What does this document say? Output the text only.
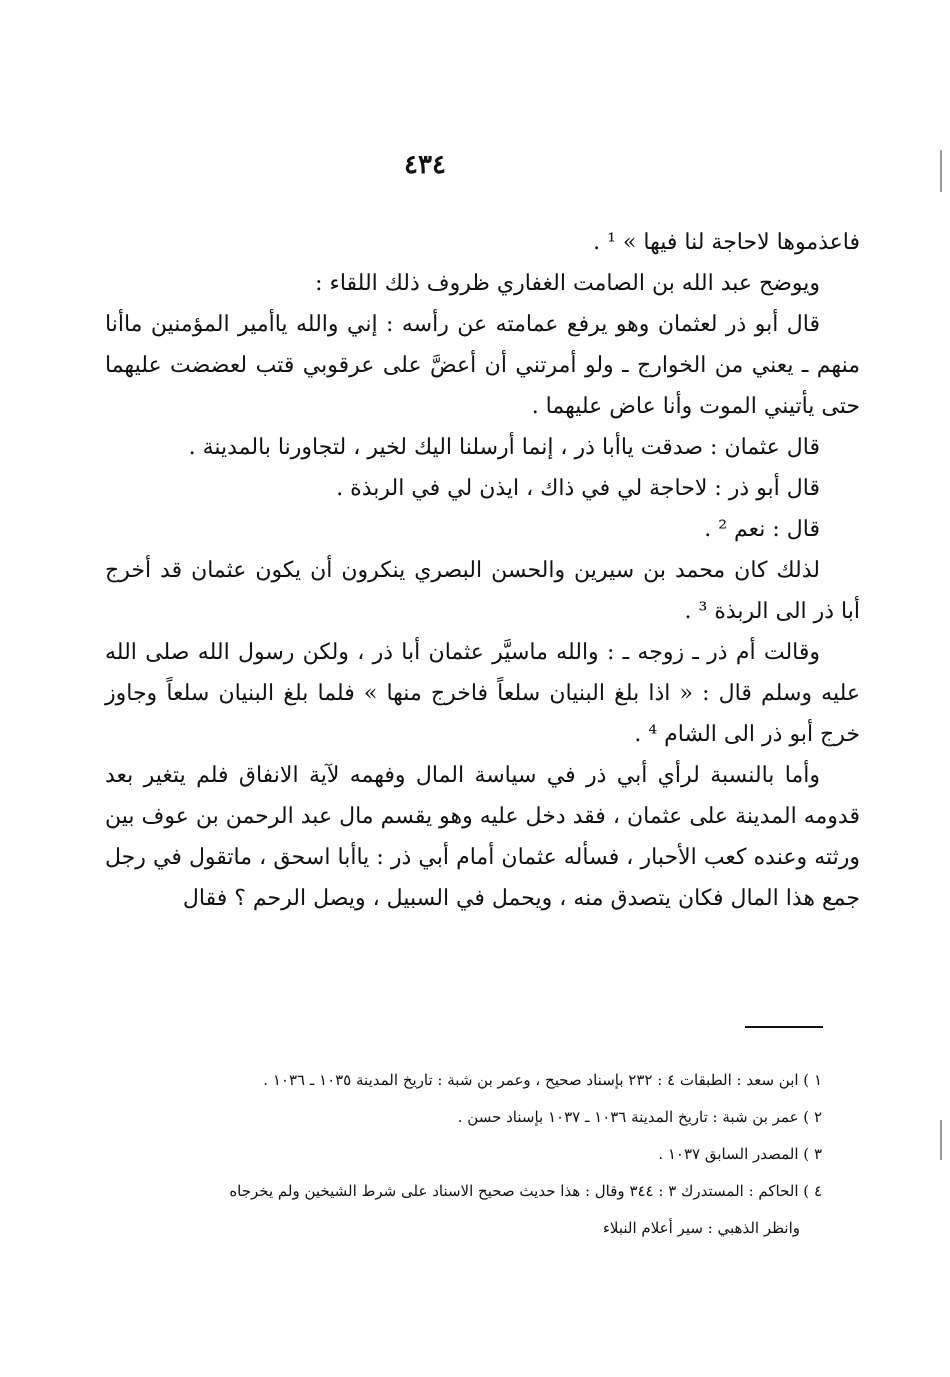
٤٣٤

فاعذموها لاحاجة لنا فيها » ¹ .

ويوضح عبد الله بن الصامت الغفاري ظروف ذلك اللقاء :

قال أبو ذر لعثمان وهو يرفع عمامته عن رأسه : إني والله ياأمير المؤمنين ماأنا منهم ـ يعني من الخوارج ـ ولو أمرتني أن أعضَّ على عرقوبي قتب لعضضت عليهما حتى يأتيني الموت وأنا عاض عليهما .

قال عثمان : صدقت ياأبا ذر ، إنما أرسلنا اليك لخير ، لتجاورنا بالمدينة .

قال أبو ذر : لاحاجة لي في ذاك ، ايذن لي في الربذة .

قال : نعم ² .

لذلك كان محمد بن سيرين والحسن البصري ينكرون أن يكون عثمان قد أخرج أبا ذر الى الربذة ³ .

وقالت أم ذر ـ زوجه ـ : والله ماسيَّر عثمان أبا ذر ، ولكن رسول الله صلى الله عليه وسلم قال : « اذا بلغ البنيان سلعاً فاخرج منها » فلما بلغ البنيان سلعاً وجاوز خرج أبو ذر الى الشام ⁴ .

وأما بالنسبة لرأي أبي ذر في سياسة المال وفهمه لآية الانفاق فلم يتغير بعد قدومه المدينة على عثمان ، فقد دخل عليه وهو يقسم مال عبد الرحمن بن عوف بين ورثته وعنده كعب الأحبار ، فسأله عثمان أمام أبي ذر : ياأبا اسحق ، ماتقول في رجل جمع هذا المال فكان يتصدق منه ، ويحمل في السبيل ، ويصل الرحم ؟ فقال

١ ) ابن سعد : الطبقات ٤ : ٢٣٢ بإسناد صحيح ، وعمر بن شبة : تاريخ المدينة ١٠٣٥ ـ ١٠٣٦ .

٢ ) عمر بن شبة : تاريخ المدينة ١٠٣٦ ـ ١٠٣٧ بإسناد حسن .

٣ ) المصدر السابق ١٠٣٧ .

٤ ) الحاكم : المستدرك ٣ : ٣٤٤ وقال : هذا حديث صحيح الاسناد على شرط الشيخين ولم يخرجاه

وانظر الذهبي : سير أعلام النبلاء
